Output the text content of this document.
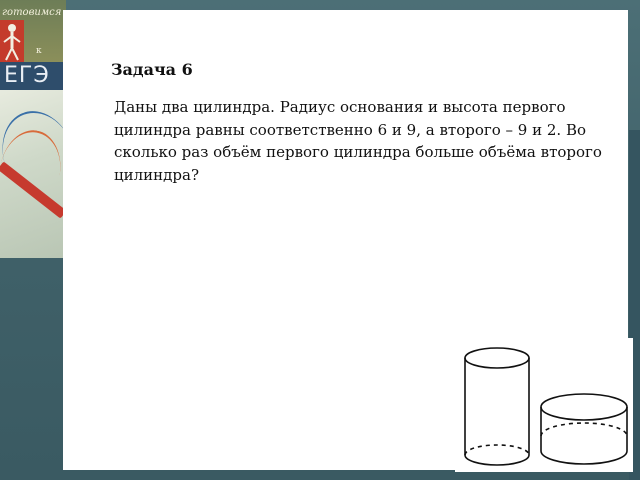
готовимся
к
ЕГЭ	Задача 6
Даны два цилиндра. Радиус основания и высота первого цилиндра равны соответственно 6 и 9, а второго – 9 и 2. Во сколько раз объём первого цилиндра больше объёма второго цилиндра?
